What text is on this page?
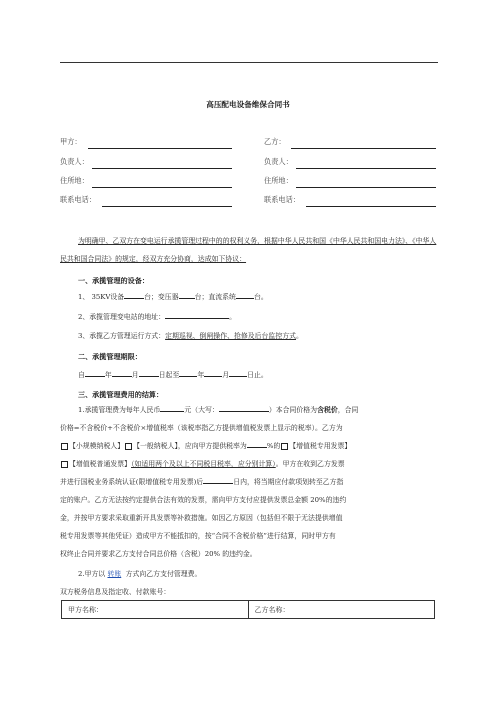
高压配电设备维保合同书
甲方：	乙方：
负责人：	负责人：
住所地：	住所地：
联系电话：	联系电话：
为明确甲、乙双方在变电运行承揽管理过程中的的权利义务，根据中华人民共和国《中华人民共和国电力法》、《中华人民共和国合同法》的规定，经双方充分协商，达成如下协议：
一、承揽管理的设备：
1、 35KV设备	台；变压器 台；直流系统	台。
2、承揽管理变电站的地址：	。
3、承揽乙方管理运行方式：定期巡视、倒闸操作、抢修及后台监控方式。
二、承揽管理期限：
自	年	月	日起至	年	月	日止。
三、承揽管理费用的结算：
1.承揽管理费为每年人民币	元（大写：	）本合同价格为含税价，合同
价格=不含税价+不含税价×增值税率（该税率指乙方提供增值税发票上显示的税率）。乙方为
【小规模纳税人】 【一般纳税人】，应向甲方提供税率为	%的 【增值税专用发票】
【增值税普通发票】（如适用两个及以上不同税目税率，应分别计算）。甲方在收到乙方发票
并进行国税业务系统认证(限增值税专用发票)后	日内，将当期应付款项划转至乙方指
定的账户。乙方无法按约定提供合法有效的发票，需向甲方支付应提供发票总金额 20%的违约
金，并按甲方要求采取重新开具发票等补救措施。如因乙方原因（包括但不限于无法提供增值
税专用发票等其他凭证）造成甲方不能抵扣的，按“合同不含税价格”进行结算，同时甲方有
权终止合同并要求乙方支付合同总价格（含税）20% 的违约金。
2.甲方以 转账 方式向乙方支付管理费。
双方税务信息及指定收、付款账号：
甲方名称：	乙方名称：
